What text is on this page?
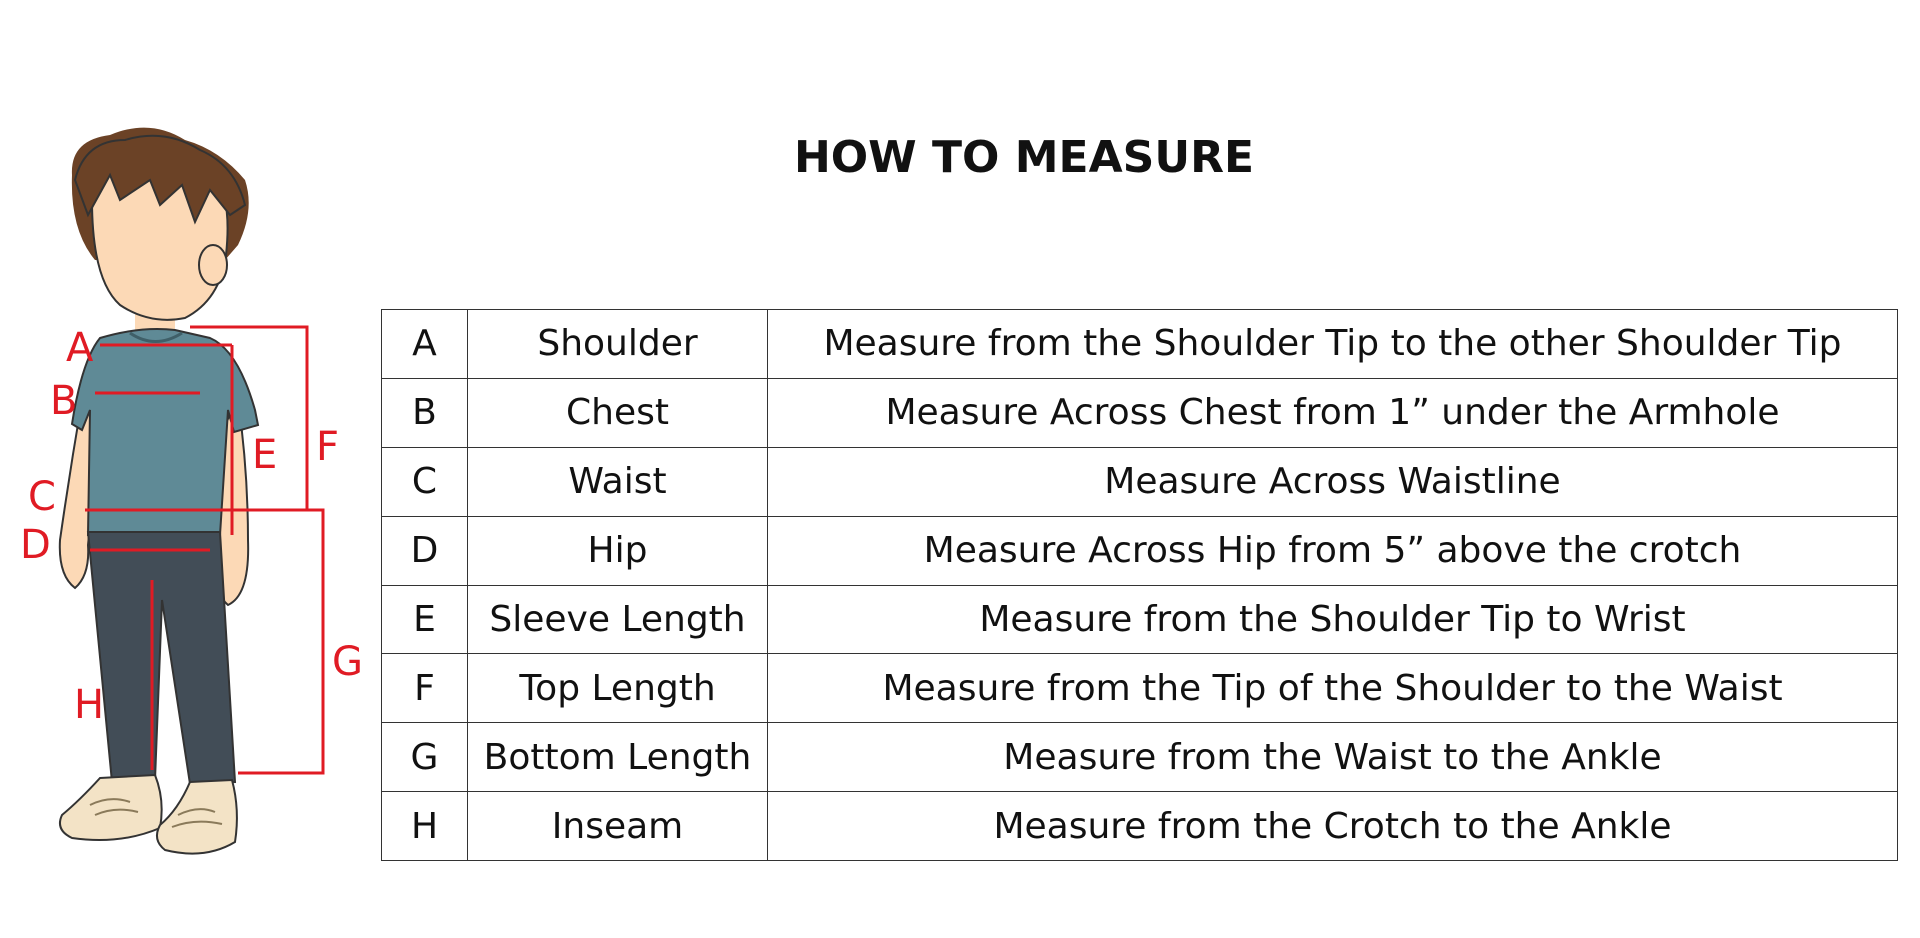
HOW TO MEASURE
A
B
C
D
E F
G
H
A	Shoulder	Measure from the Shoulder Tip to the other Shoulder Tip
B	Chest	Measure Across Chest from 1” under the Armhole
C	Waist	Measure Across Waistline
D	Hip	Measure Across Hip from 5” above the crotch
E	Sleeve Length	Measure from the Shoulder Tip to Wrist
F	Top Length	Measure from the Tip of the Shoulder to the Waist
G	Bottom Length	Measure from the Waist to the Ankle
H	Inseam	Measure from the Crotch to the Ankle
